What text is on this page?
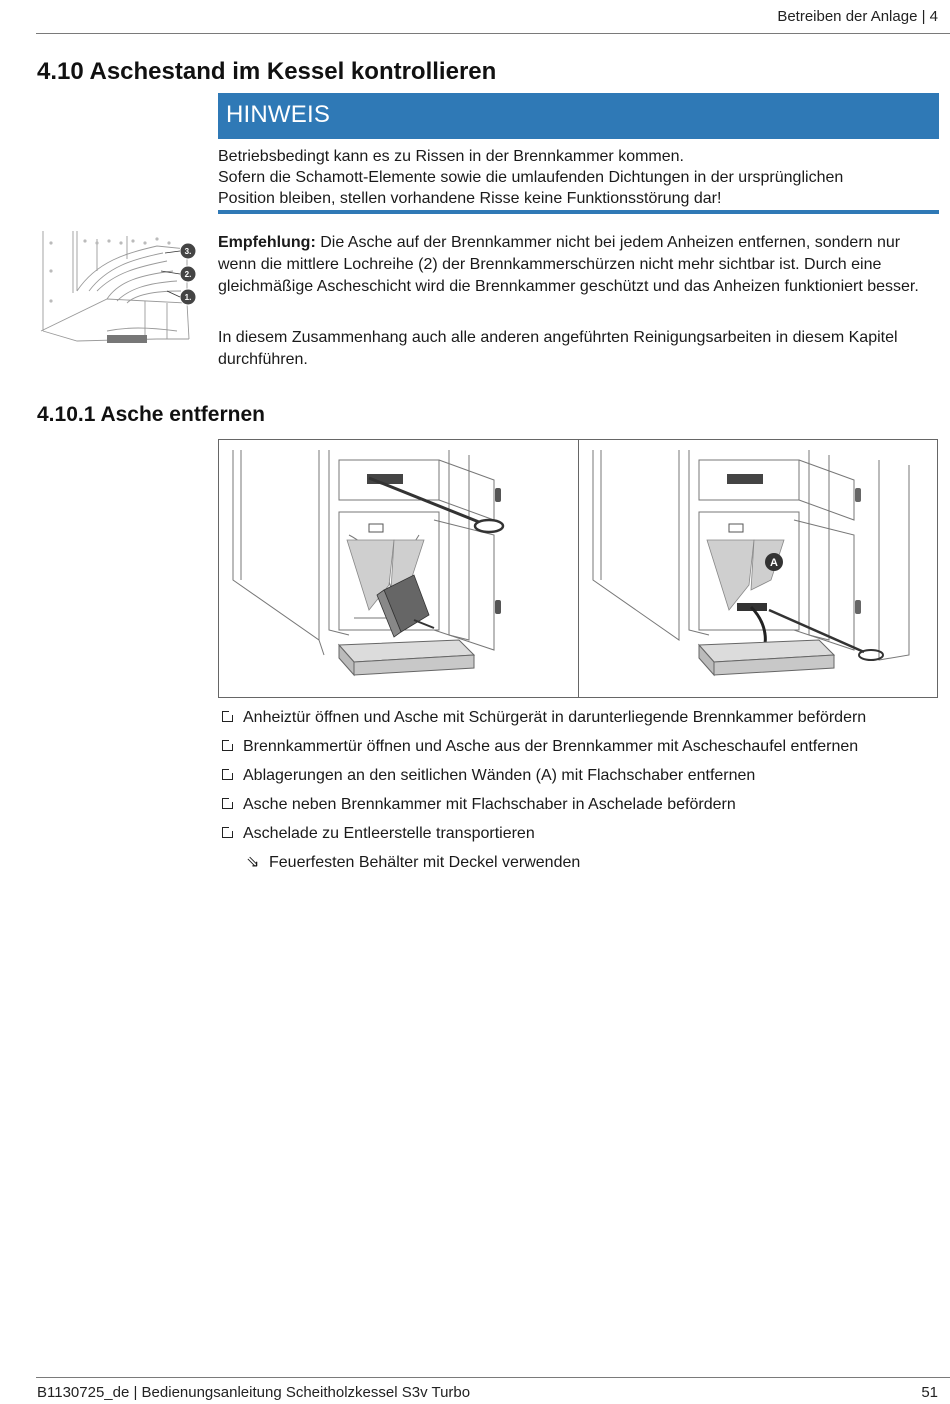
Betreiben der Anlage | 4
4.10 Aschestand im Kessel kontrollieren
HINWEIS
Betriebsbedingt kann es zu Rissen in der Brennkammer kommen.
Sofern die Schamott-Elemente sowie die umlaufenden Dichtungen in der ursprünglichen
Position bleiben, stellen vorhandene Risse keine Funktionsstörung dar!
3.
2.
1.
Empfehlung: Die Asche auf der Brennkammer nicht bei jedem Anheizen entfernen, sondern nur wenn die mittlere Lochreihe (2) der Brennkammerschürzen nicht mehr sichtbar ist. Durch eine gleichmäßige Ascheschicht wird die Brennkammer geschützt und das Anheizen funktioniert besser.
In diesem Zusammenhang auch alle anderen angeführten Reinigungsarbeiten in diesem Kapitel durchführen.
4.10.1 Asche entfernen
A
Anheiztür öffnen und Asche mit Schürgerät in darunterliegende Brennkammer befördern
Brennkammertür öffnen und Asche aus der Brennkammer mit Ascheschaufel entfernen
Ablagerungen an den seitlichen Wänden (A) mit Flachschaber entfernen
Asche neben Brennkammer mit Flachschaber in Aschelade befördern
Aschelade zu Entleerstelle transportieren
⇘ Feuerfesten Behälter mit Deckel verwenden
B1130725_de | Bedienungsanleitung Scheitholzkessel S3v Turbo	51
